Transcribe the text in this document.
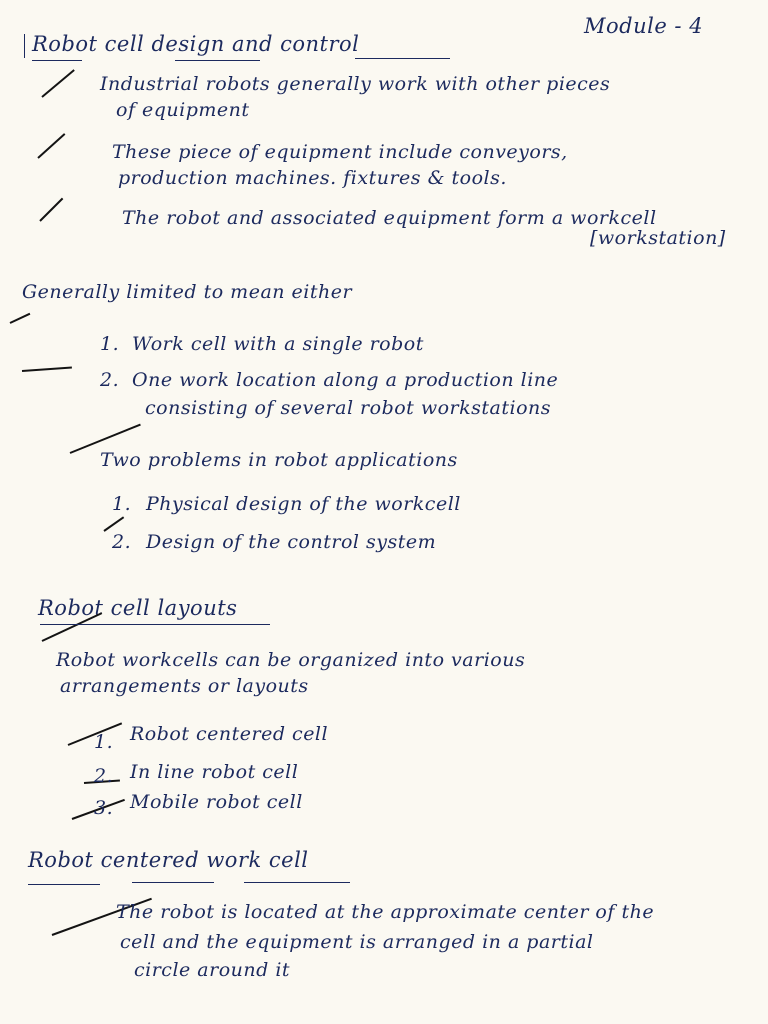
Robot cell design and control
Module - 4
Industrial robots generally work with other pieces
of equipment
These piece of equipment include conveyors,
production machines. fixtures & tools.
The robot and associated equipment form a workcell
[workstation]
Generally limited to mean either
1. Work cell with a single robot
2. One work location along a production line
consisting of several robot workstations
Two problems in robot applications
1. Physical design of the workcell
2. Design of the control system
Robot cell layouts
Robot workcells can be organized into various
arrangements or layouts
1. Robot centered cell
2. In line robot cell
3. Mobile robot cell
Robot centered work cell
The robot is located at the approximate center of the
cell and the equipment is arranged in a partial
circle around it
